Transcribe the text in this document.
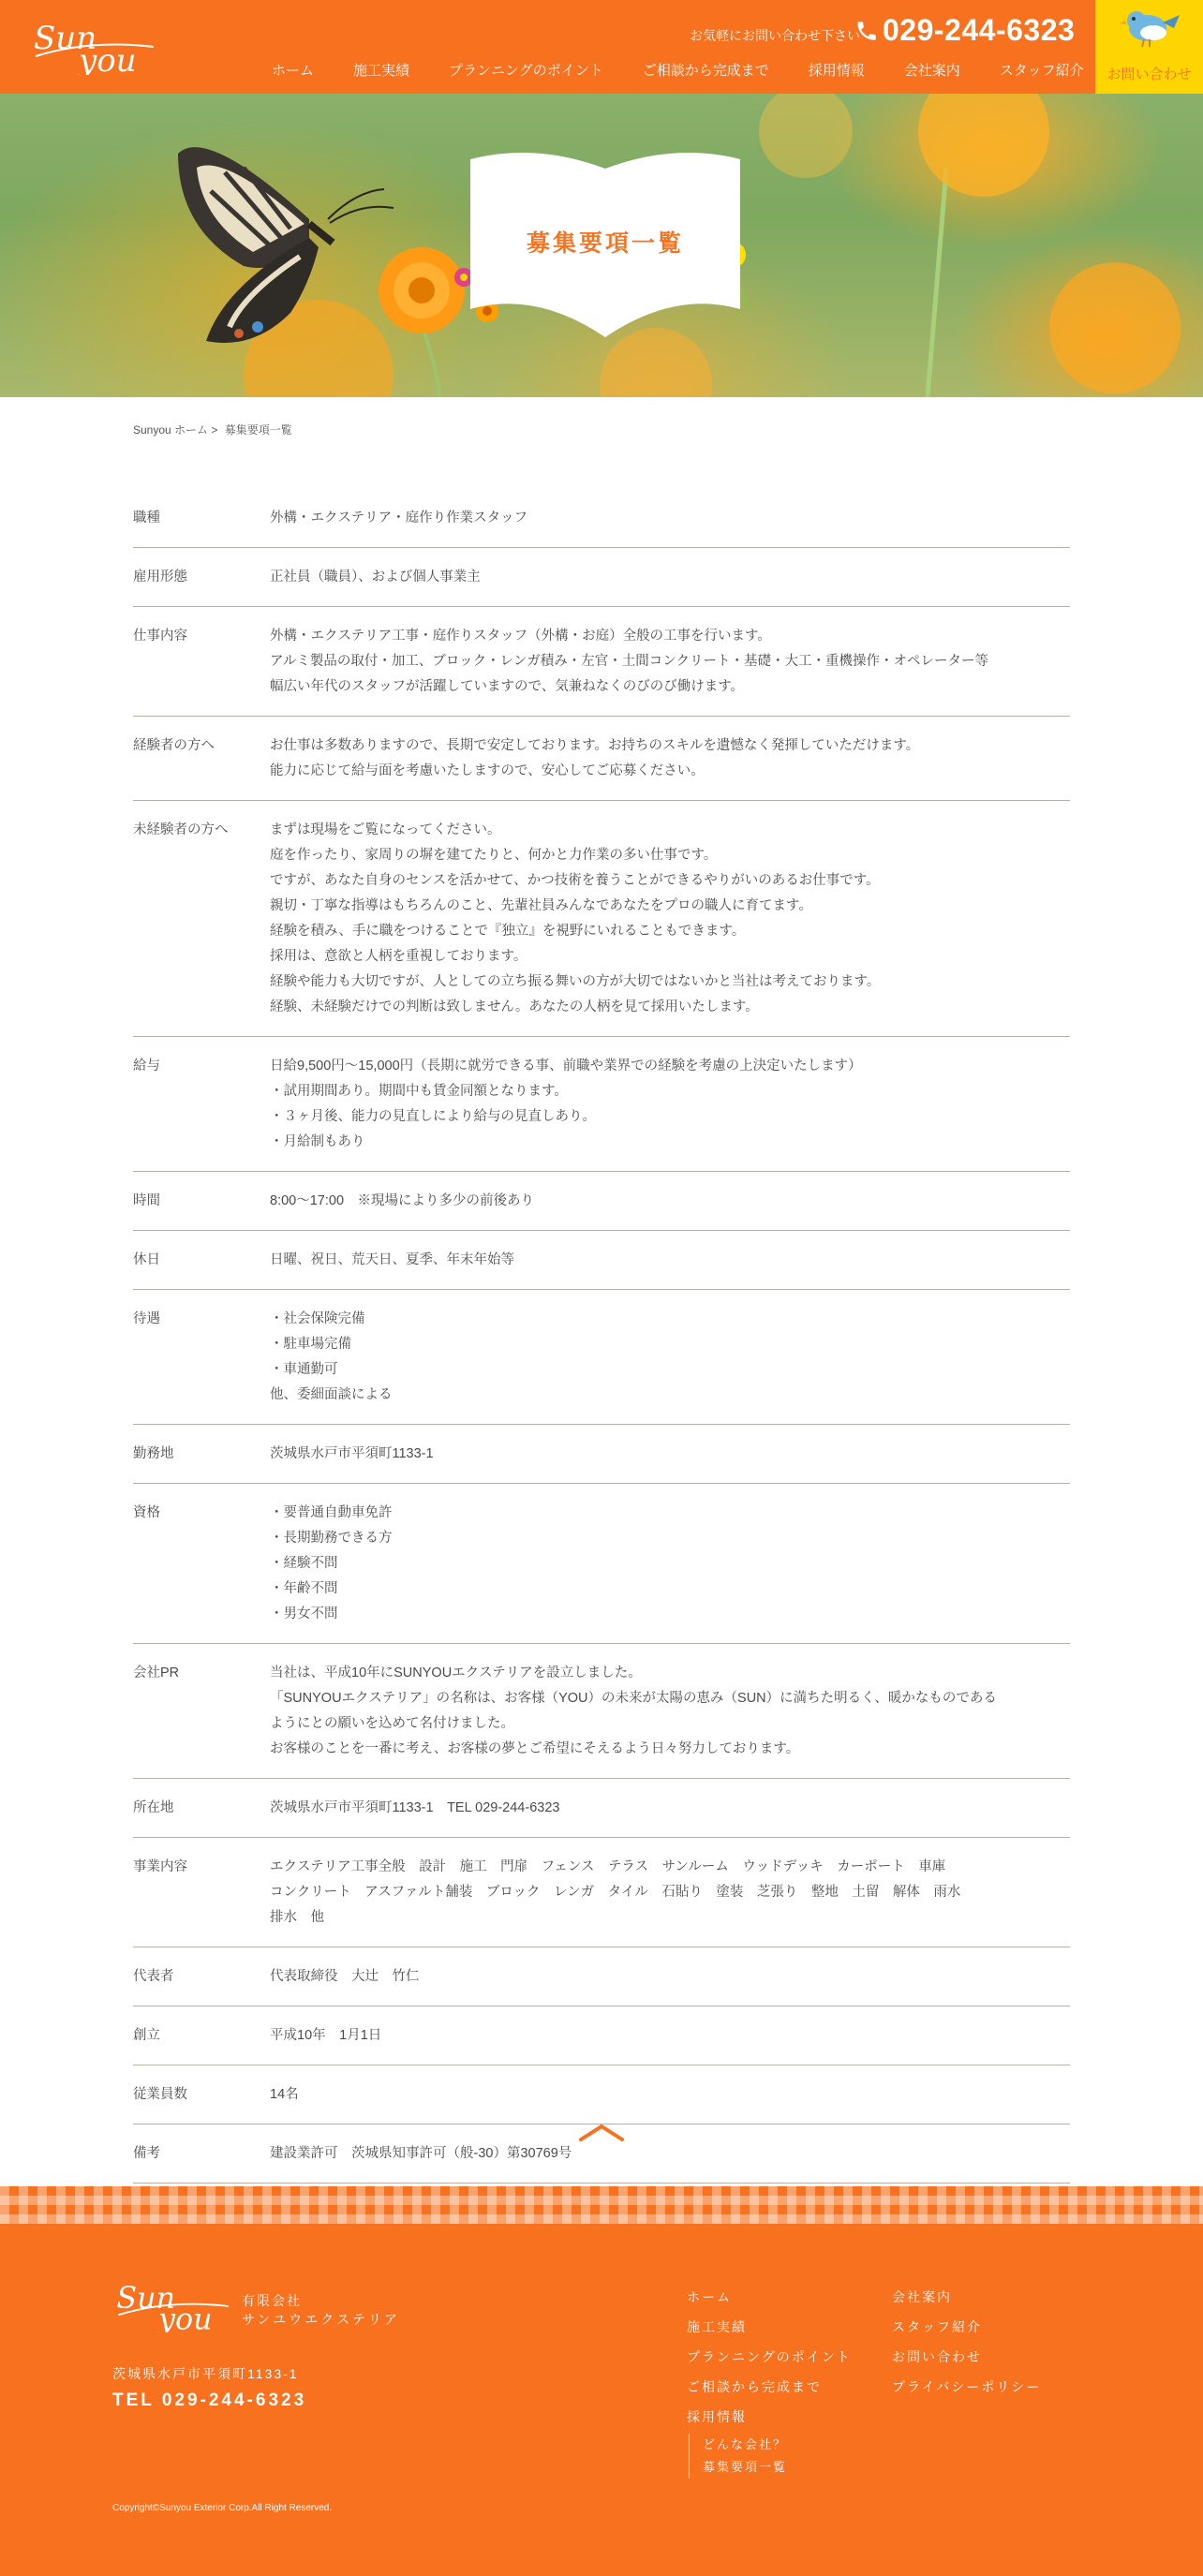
Sun
you
お気軽にお問い合わせ下さい 029-244-6323
ホーム	施工実績	プランニングのポイント	ご相談から完成まで	採用情報	会社案内	スタッフ紹介	お問い合わせ
募集要項一覧
Sunyou ホーム > 募集要項一覧
職種	外構・エクステリア・庭作り作業スタッフ
雇用形態	正社員（職員）、および個人事業主
仕事内容	外構・エクステリア工事・庭作りスタッフ（外構・お庭）全般の工事を行います。
アルミ製品の取付・加工、ブロック・レンガ積み・左官・土間コンクリート・基礎・大工・重機操作・オペレーター等
幅広い年代のスタッフが活躍していますので、気兼ねなくのびのび働けます。
経験者の方へ	お仕事は多数ありますので、長期で安定しております。お持ちのスキルを遺憾なく発揮していただけます。
能力に応じて給与面を考慮いたしますので、安心してご応募ください。
未経験者の方へ	まずは現場をご覧になってください。
庭を作ったり、家周りの塀を建てたりと、何かと力作業の多い仕事です。
ですが、あなた自身のセンスを活かせて、かつ技術を養うことができるやりがいのあるお仕事です。
親切・丁寧な指導はもちろんのこと、先輩社員みんなであなたをプロの職人に育てます。
経験を積み、手に職をつけることで『独立』を視野にいれることもできます。
採用は、意欲と人柄を重視しております。
経験や能力も大切ですが、人としての立ち振る舞いの方が大切ではないかと当社は考えております。
経験、未経験だけでの判断は致しません。あなたの人柄を見て採用いたします。
給与	日給9,500円〜15,000円（長期に就労できる事、前職や業界での経験を考慮の上決定いたします）
・試用期間あり。期間中も賃金同額となります。
・３ヶ月後、能力の見直しにより給与の見直しあり。
・月給制もあり
時間	8:00〜17:00　※現場により多少の前後あり
休日	日曜、祝日、荒天日、夏季、年末年始等
待遇	・社会保険完備
・駐車場完備
・車通勤可
他、委細面談による
勤務地	茨城県水戸市平須町1133-1
資格	・要普通自動車免許
・長期勤務できる方
・経験不問
・年齢不問
・男女不問
会社PR	当社は、平成10年にSUNYOUエクステリアを設立しました。
「SUNYOUエクステリア」の名称は、お客様（YOU）の未来が太陽の恵み（SUN）に満ちた明るく、暖かなものである
ようにとの願いを込めて名付けました。
お客様のことを一番に考え、お客様の夢とご希望にそえるよう日々努力しております。
所在地	茨城県水戸市平須町1133-1　TEL 029-244-6323
事業内容	エクステリア工事全般　設計　施工　門扉　フェンス　テラス　サンルーム　ウッドデッキ　カーポート　車庫
コンクリート　アスファルト舗装　ブロック　レンガ　タイル　石貼り　塗装　芝張り　整地　土留　解体　雨水
排水　他
代表者	代表取締役　大辻　竹仁
創立	平成10年　1月1日
従業員数	14名
備考	建設業許可　茨城県知事許可（般-30）第30769号
Sun
you
有限会社
サンユウエクステリア
茨城県水戸市平須町1133-1
TEL 029-244-6323
ホーム
施工実績
プランニングのポイント
ご相談から完成まで
採用情報
どんな会社？
募集要項一覧
会社案内
スタッフ紹介
お問い合わせ
プライバシーポリシー
Copyright©Sunyou Exterior Corp.All Right Reserved.
